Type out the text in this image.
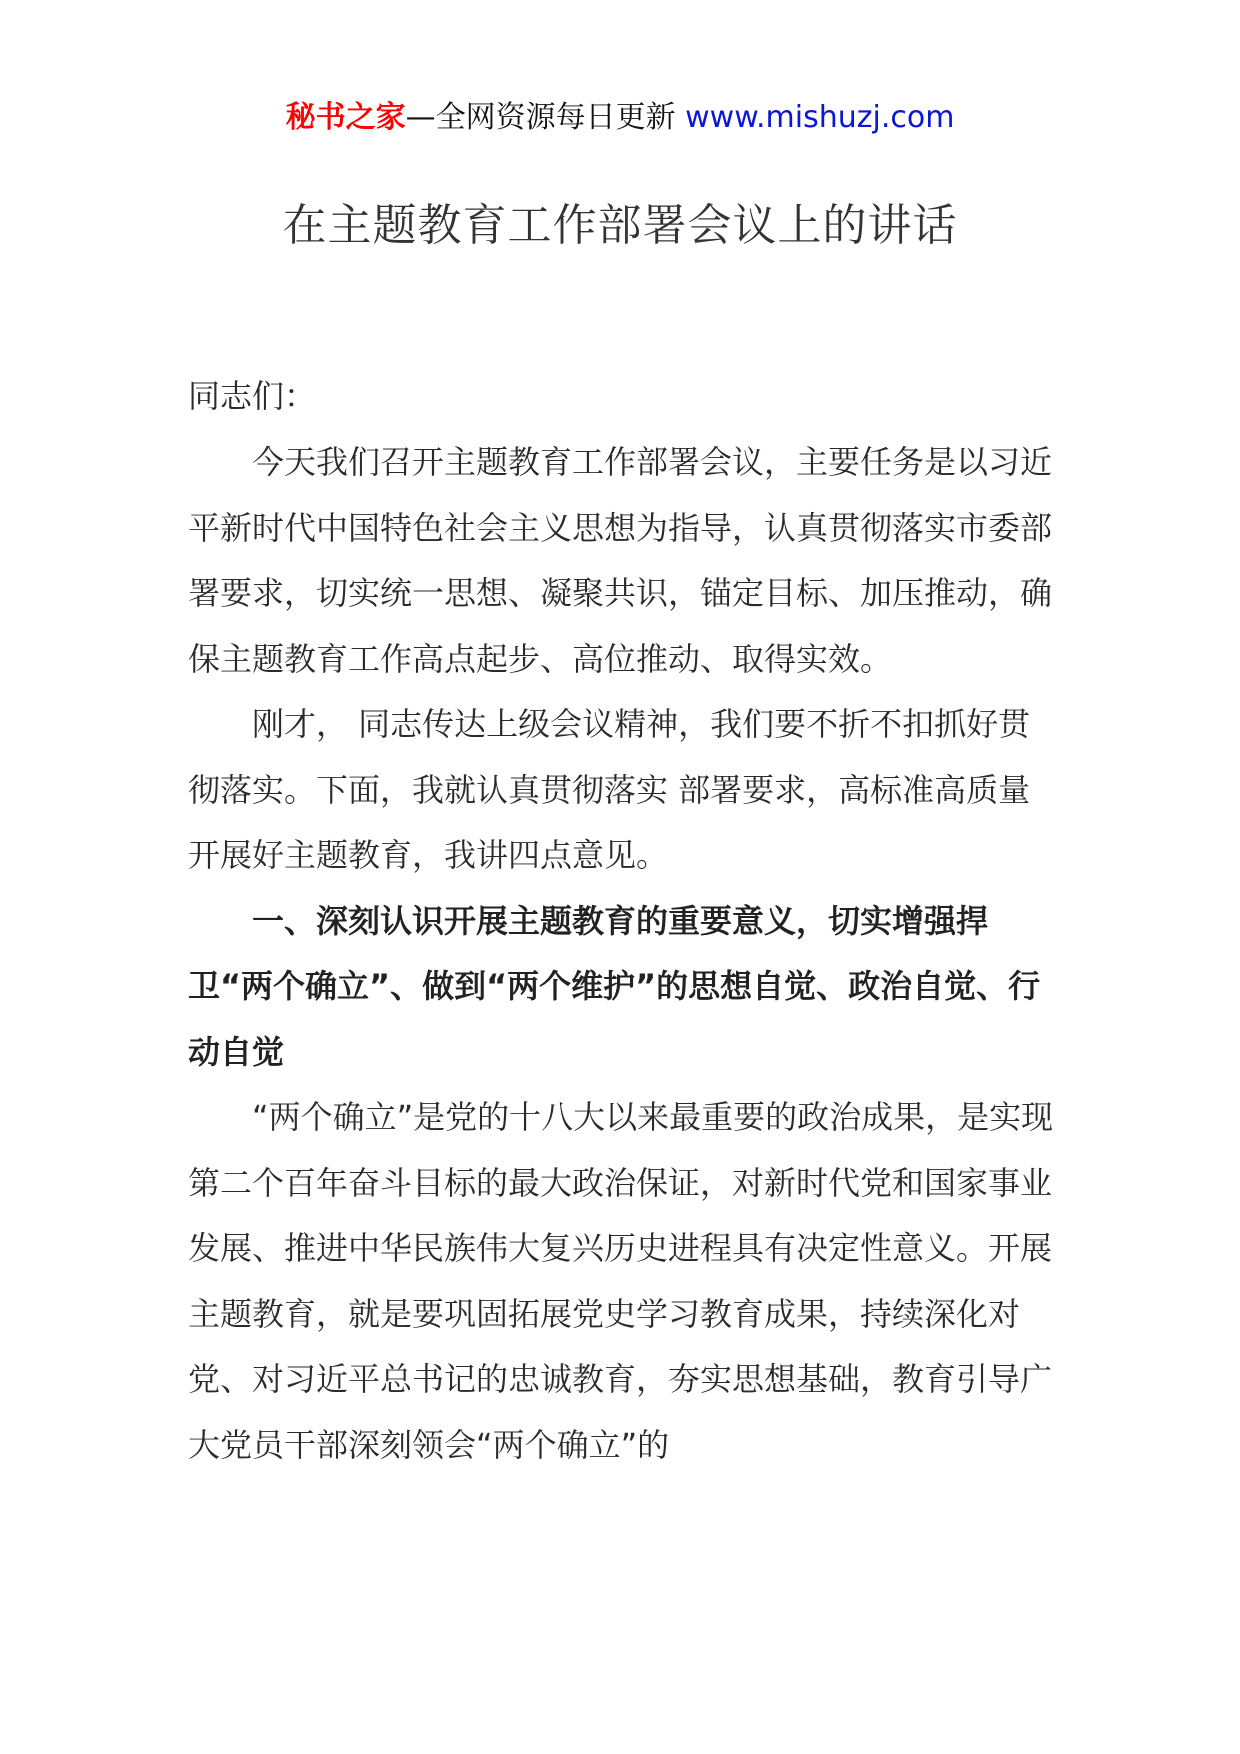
秘书之家—全网资源每日更新 www.mishuzj.com
在主题教育工作部署会议上的讲话
同志们：

今天我们召开主题教育工作部署会议，主要任务是以习近平新时代中国特色社会主义思想为指导，认真贯彻落实市委部署要求，切实统一思想、凝聚共识，锚定目标、加压推动，确保主题教育工作高点起步、高位推动、取得实效。

刚才， 同志传达上级会议精神，我们要不折不扣抓好贯彻落实。下面，我就认真贯彻落实 部署要求，高标准高质量开展好主题教育，我讲四点意见。

一、深刻认识开展主题教育的重要意义，切实增强捍卫“两个确立”、做到“两个维护”的思想自觉、政治自觉、行动自觉

“两个确立”是党的十八大以来最重要的政治成果，是实现第二个百年奋斗目标的最大政治保证，对新时代党和国家事业发展、推进中华民族伟大复兴历史进程具有决定性意义。开展主题教育，就是要巩固拓展党史学习教育成果，持续深化对党、对习近平总书记的忠诚教育，夯实思想基础，教育引导广大党员干部深刻领会“两个确立”的
